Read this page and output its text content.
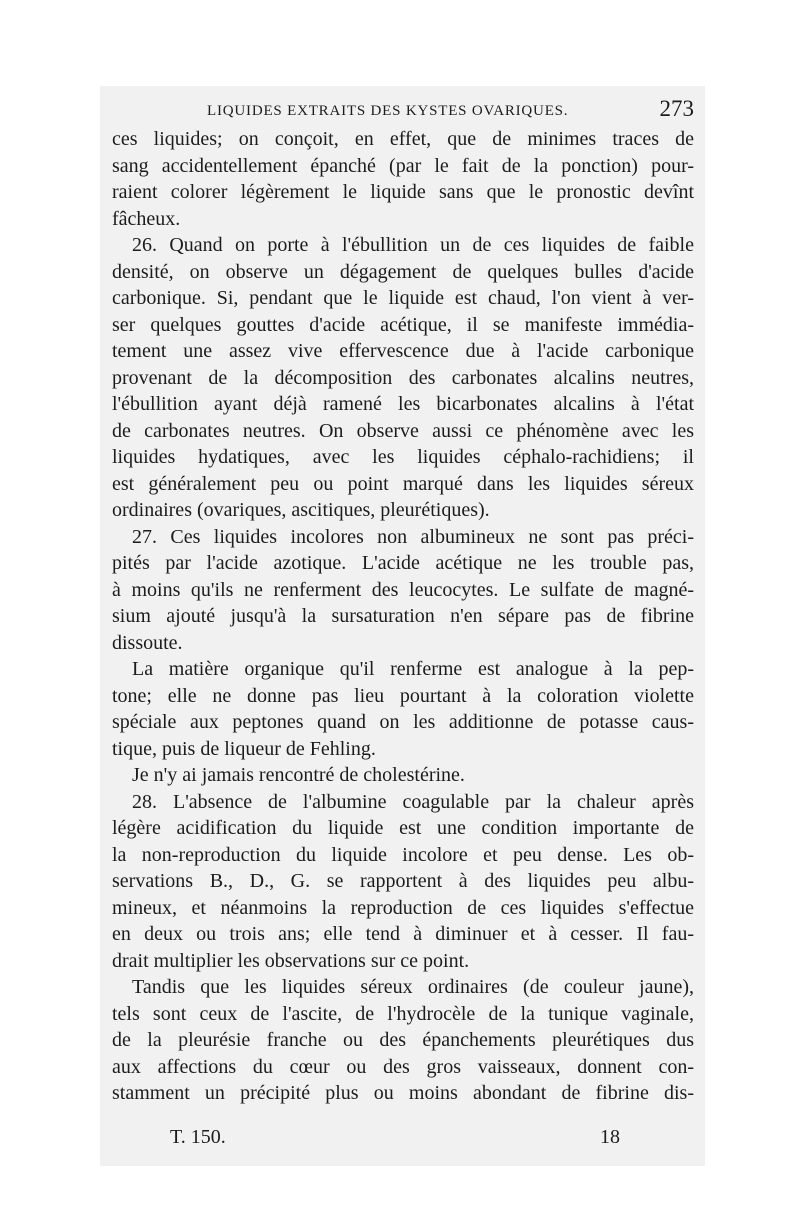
LIQUIDES EXTRAITS DES KYSTES OVARIQUES.	273
ces liquides; on conçoit, en effet, que de minimes traces de
sang accidentellement épanché (par le fait de la ponction) pour-
raient colorer légèrement le liquide sans que le pronostic devînt
fâcheux.
26. Quand on porte à l'ébullition un de ces liquides de faible
densité, on observe un dégagement de quelques bulles d'acide
carbonique. Si, pendant que le liquide est chaud, l'on vient à ver-
ser quelques gouttes d'acide acétique, il se manifeste immédia-
tement une assez vive effervescence due à l'acide carbonique
provenant de la décomposition des carbonates alcalins neutres,
l'ébullition ayant déjà ramené les bicarbonates alcalins à l'état
de carbonates neutres. On observe aussi ce phénomène avec les
liquides hydatiques, avec les liquides céphalo-rachidiens; il
est généralement peu ou point marqué dans les liquides séreux
ordinaires (ovariques, ascitiques, pleurétiques).
27. Ces liquides incolores non albumineux ne sont pas préci-
pités par l'acide azotique. L'acide acétique ne les trouble pas,
à moins qu'ils ne renferment des leucocytes. Le sulfate de magné-
sium ajouté jusqu'à la sursaturation n'en sépare pas de fibrine
dissoute.
La matière organique qu'il renferme est analogue à la pep-
tone; elle ne donne pas lieu pourtant à la coloration violette
spéciale aux peptones quand on les additionne de potasse caus-
tique, puis de liqueur de Fehling.
Je n'y ai jamais rencontré de cholestérine.
28. L'absence de l'albumine coagulable par la chaleur après
légère acidification du liquide est une condition importante de
la non-reproduction du liquide incolore et peu dense. Les ob-
servations B., D., G. se rapportent à des liquides peu albu-
mineux, et néanmoins la reproduction de ces liquides s'effectue
en deux ou trois ans; elle tend à diminuer et à cesser. Il fau-
drait multiplier les observations sur ce point.
Tandis que les liquides séreux ordinaires (de couleur jaune),
tels sont ceux de l'ascite, de l'hydrocèle de la tunique vaginale,
de la pleurésie franche ou des épanchements pleurétiques dus
aux affections du cœur ou des gros vaisseaux, donnent con-
stamment un précipité plus ou moins abondant de fibrine dis-
T. 150.	18
